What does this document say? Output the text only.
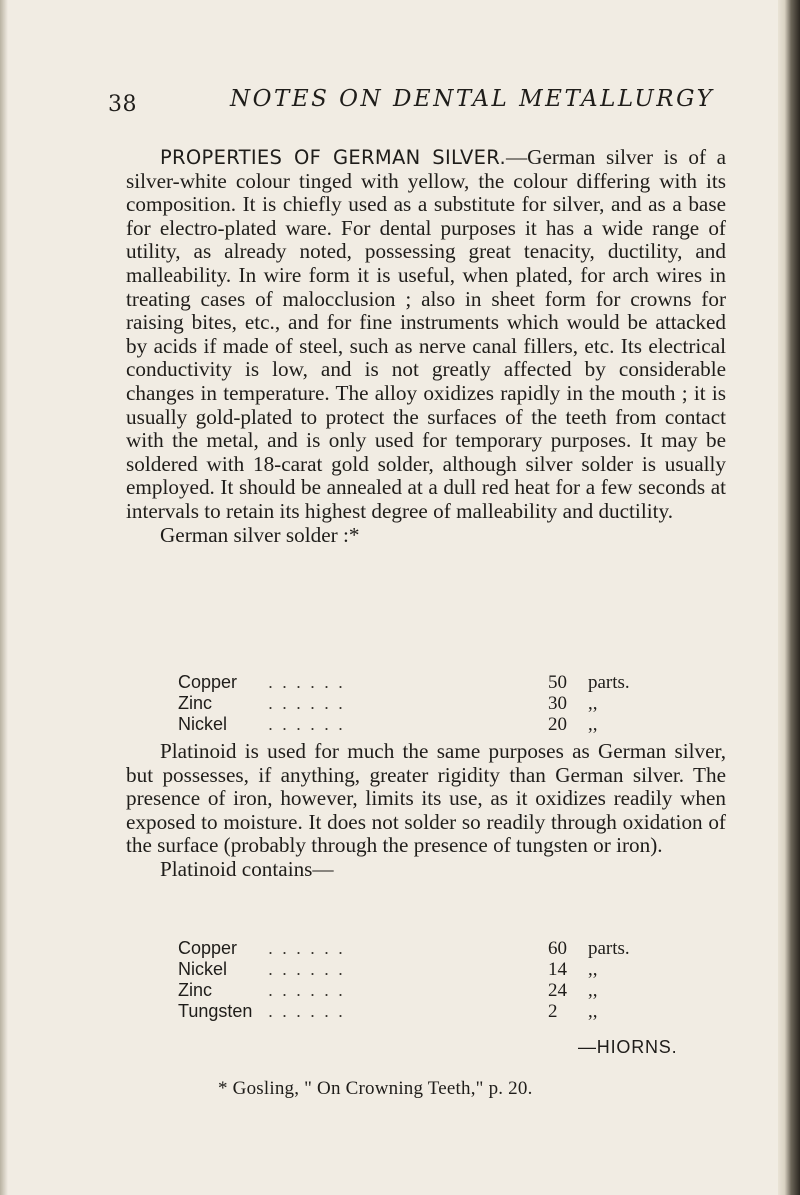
38	NOTES ON DENTAL METALLURGY

PROPERTIES OF GERMAN SILVER.—German silver is of a silver-white colour tinged with yellow, the colour differing with its composition. It is chiefly used as a substitute for silver, and as a base for electro-plated ware. For dental purposes it has a wide range of utility, as already noted, possessing great tenacity, ductility, and malleability. In wire form it is useful, when plated, for arch wires in treating cases of malocclusion ; also in sheet form for crowns for raising bites, etc., and for fine instruments which would be attacked by acids if made of steel, such as nerve canal fillers, etc. Its electrical conductivity is low, and is not greatly affected by considerable changes in temperature. The alloy oxidizes rapidly in the mouth ; it is usually gold-plated to protect the surfaces of the teeth from contact with the metal, and is only used for temporary purposes. It may be soldered with 18-carat gold solder, although silver solder is usually employed. It should be annealed at a dull red heat for a few seconds at intervals to retain its highest degree of malleability and ductility.

German silver solder :*

Copper . . . . . .	50 parts.
Zinc	. . . . . .	30 ,,
Nickel . . . . . .	20 ,,

Platinoid is used for much the same purposes as German silver, but possesses, if anything, greater rigidity than German silver. The presence of iron, however, limits its use, as it oxidizes readily when exposed to moisture. It does not solder so readily through oxidation of the surface (probably through the presence of tungsten or iron).

Platinoid contains—

Copper . . . . . .	60 parts.
Nickel . . . . . .	14 ,,
Zinc	. . . . . .	24 ,,
Tungsten . . . . . .	2 ,,
—HIORNS.
* Gosling, " On Crowning Teeth," p. 20.
